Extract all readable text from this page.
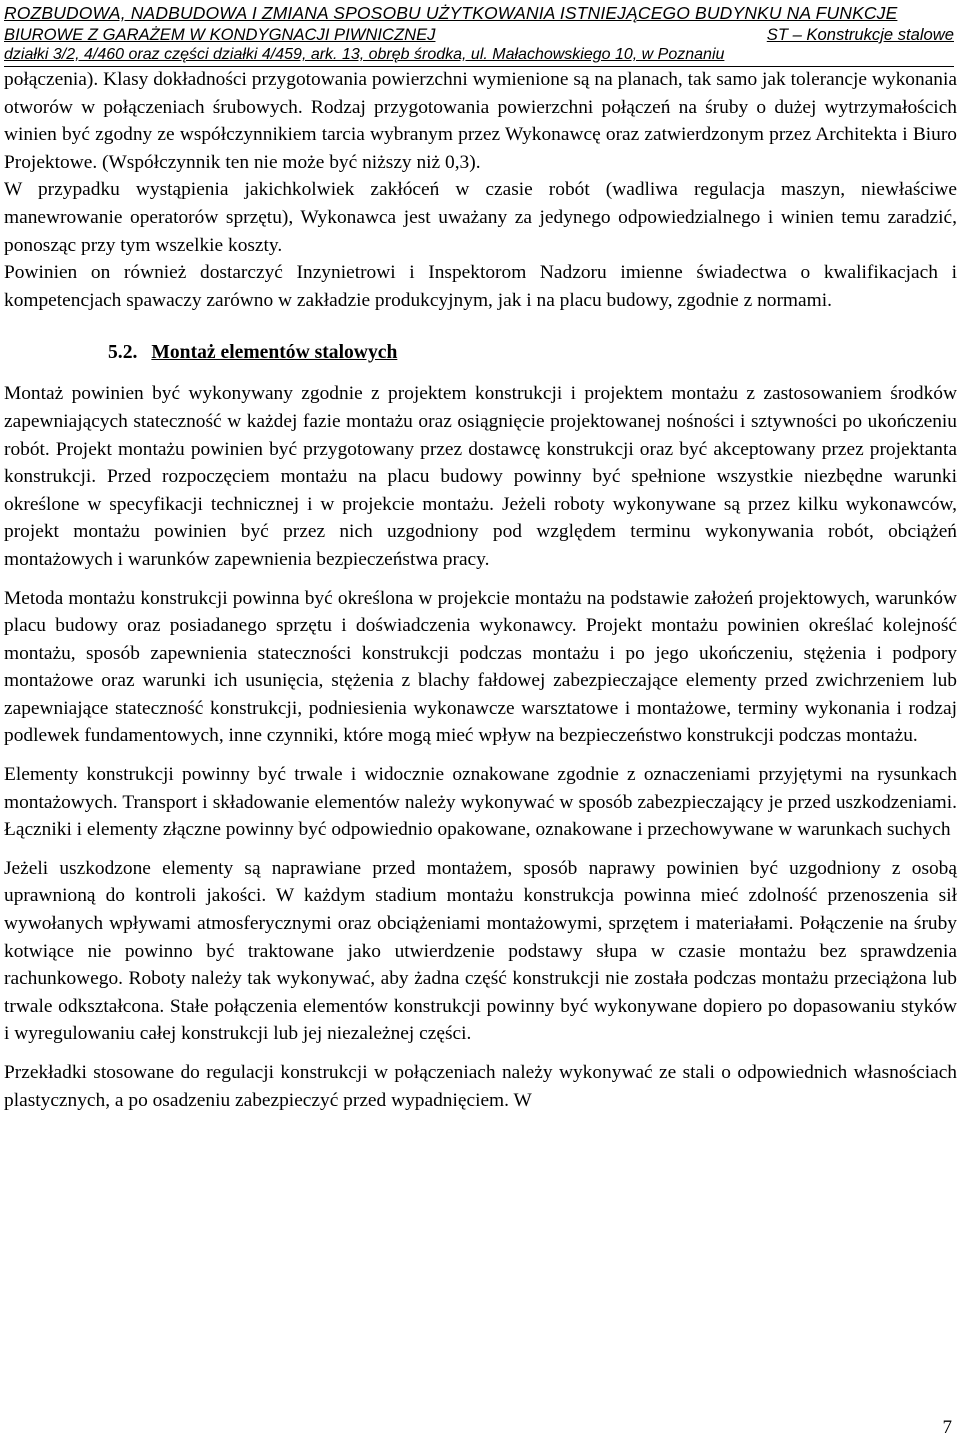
ROZBUDOWA, NADBUDOWA I ZMIANA SPOSOBU UŻYTKOWANIA ISTNIEJĄCEGO BUDYNKU NA FUNKCJE
BIUROWE Z GARAŻEM W KONDYGNACJI PIWNICZNEJ	ST – Konstrukcje stalowe
działki 3/2, 4/460 oraz części działki 4/459, ark. 13, obręb środka, ul. Małachowskiego 10, w Poznaniu

połączenia). Klasy dokładności przygotowania powierzchni wymienione są na planach, tak samo jak tolerancje wykonania otworów w połączeniach śrubowych. Rodzaj przygotowania powierzchni połączeń na śruby o dużej wytrzymałościch winien być zgodny ze współczynnikiem tarcia wybranym przez Wykonawcę oraz zatwierdzonym przez Architekta i Biuro Projektowe. (Współczynnik ten nie może być niższy niż 0,3).

W przypadku wystąpienia jakichkolwiek zakłóceń w czasie robót (wadliwa regulacja maszyn, niewłaściwe manewrowanie operatorów sprzętu), Wykonawca jest uważany za jedynego odpowiedzialnego i winien temu zaradzić, ponosząc przy tym wszelkie koszty.

Powinien on również dostarczyć Inzynietrowi i Inspektorom Nadzoru imienne świadectwa o kwalifikacjach i kompetencjach spawaczy zarówno w zakładzie produkcyjnym, jak i na placu budowy, zgodnie z normami.

5.2. Montaż elementów stalowych

Montaż powinien być wykonywany zgodnie z projektem konstrukcji i projektem montażu z zastosowaniem środków zapewniających stateczność w każdej fazie montażu oraz osiągnięcie projektowanej nośności i sztywności po ukończeniu robót. Projekt montażu powinien być przygotowany przez dostawcę konstrukcji oraz być akceptowany przez projektanta konstrukcji. Przed rozpoczęciem montażu na placu budowy powinny być spełnione wszystkie niezbędne warunki określone w specyfikacji technicznej i w projekcie montażu. Jeżeli roboty wykonywane są przez kilku wykonawców, projekt montażu powinien być przez nich uzgodniony pod względem terminu wykonywania robót, obciążeń montażowych i warunków zapewnienia bezpieczeństwa pracy.

Metoda montażu konstrukcji powinna być określona w projekcie montażu na podstawie założeń projektowych, warunków placu budowy oraz posiadanego sprzętu i doświadczenia wykonawcy. Projekt montażu powinien określać kolejność montażu, sposób zapewnienia stateczności konstrukcji podczas montażu i po jego ukończeniu, stężenia i podpory montażowe oraz warunki ich usunięcia, stężenia z blachy fałdowej zabezpieczające elementy przed zwichrzeniem lub zapewniające stateczność konstrukcji, podniesienia wykonawcze warsztatowe i montażowe, terminy wykonania i rodzaj podlewek fundamentowych, inne czynniki, które mogą mieć wpływ na bezpieczeństwo konstrukcji podczas montażu.

Elementy konstrukcji powinny być trwale i widocznie oznakowane zgodnie z oznaczeniami przyjętymi na rysunkach montażowych. Transport i składowanie elementów należy wykonywać w sposób zabezpieczający je przed uszkodzeniami. Łączniki i elementy złączne powinny być odpowiednio opakowane, oznakowane i przechowywane w warunkach suchych

Jeżeli uszkodzone elementy są naprawiane przed montażem, sposób naprawy powinien być uzgodniony z osobą uprawnioną do kontroli jakości. W każdym stadium montażu konstrukcja powinna mieć zdolność przenoszenia sił wywołanych wpływami atmosferycznymi oraz obciążeniami montażowymi, sprzętem i materiałami. Połączenie na śruby kotwiące nie powinno być traktowane jako utwierdzenie podstawy słupa w czasie montażu bez sprawdzenia rachunkowego. Roboty należy tak wykonywać, aby żadna część konstrukcji nie została podczas montażu przeciążona lub trwale odkształcona. Stałe połączenia elementów konstrukcji powinny być wykonywane dopiero po dopasowaniu styków i wyregulowaniu całej konstrukcji lub jej niezależnej części.

Przekładki stosowane do regulacji konstrukcji w połączeniach należy wykonywać ze stali o odpowiednich własnościach plastycznych, a po osadzeniu zabezpieczyć przed wypadnięciem. W

7
